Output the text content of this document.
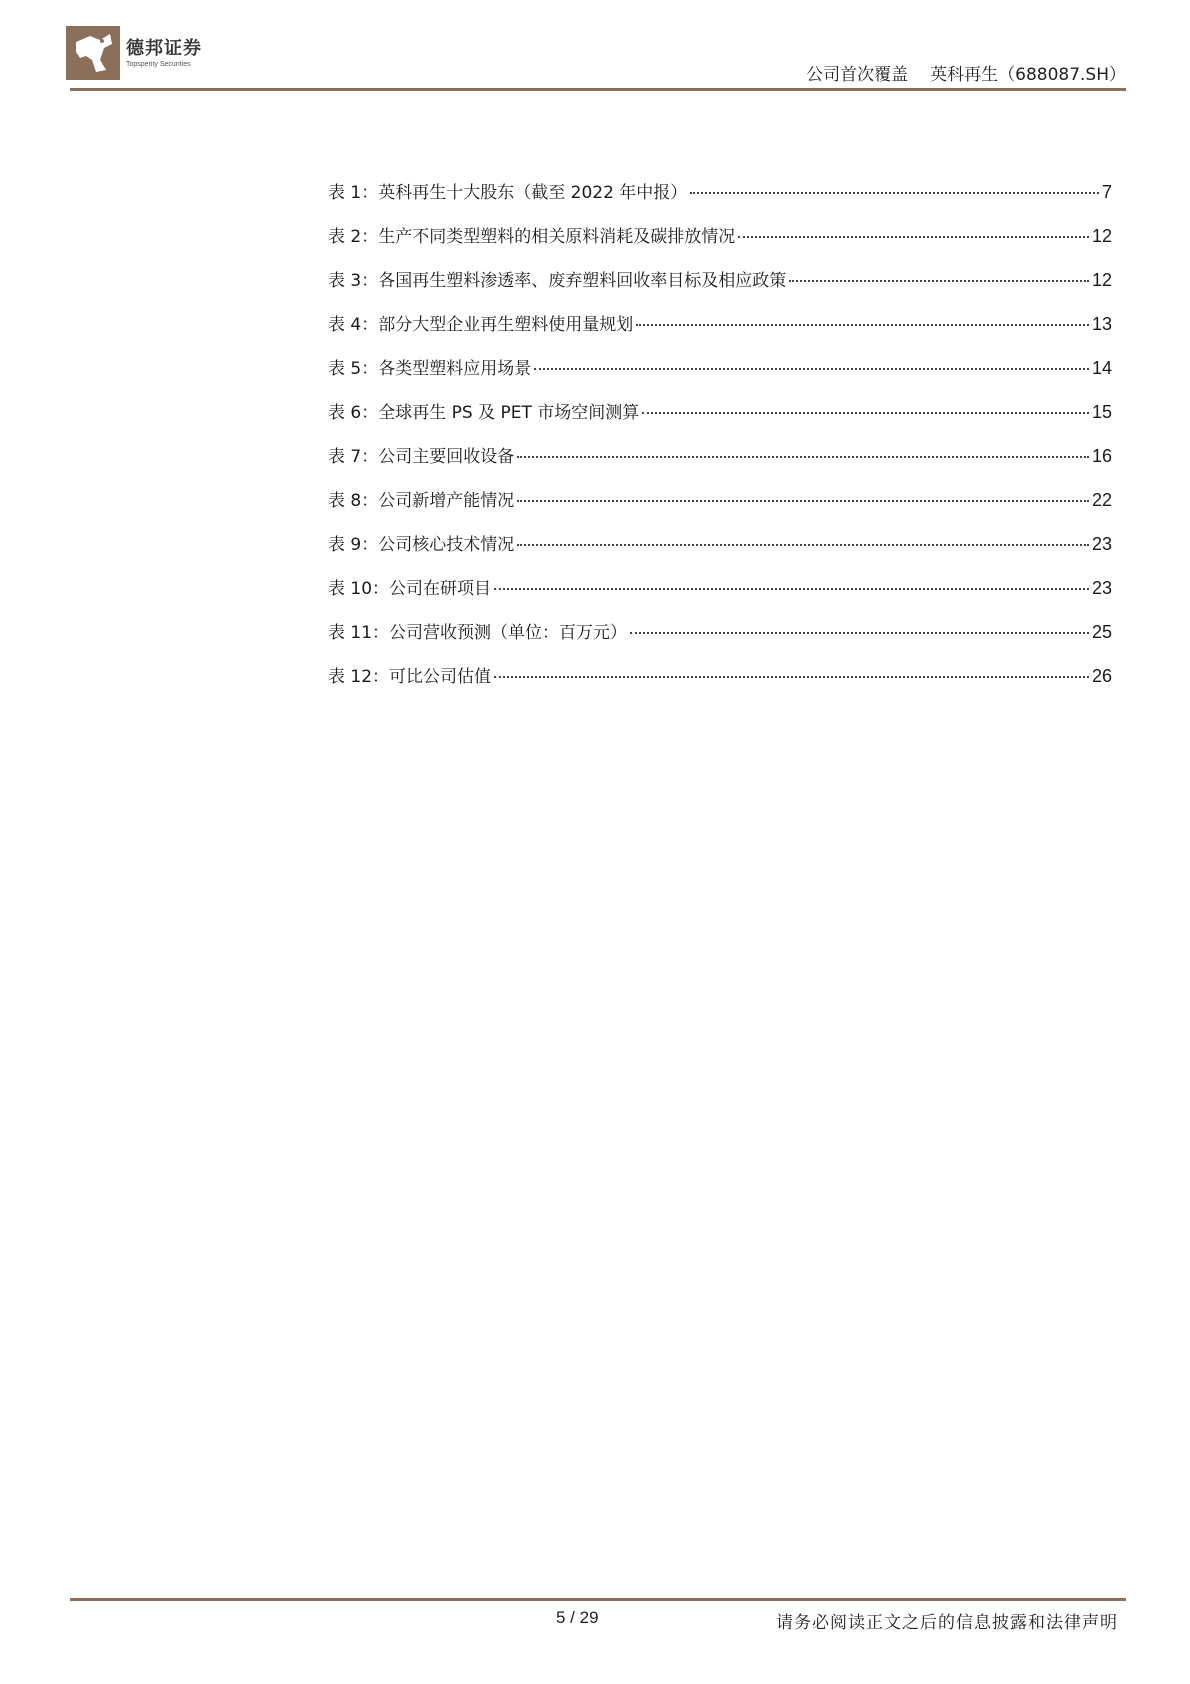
德邦证券
Topsperity Securities
公司首次覆盖 英科再生（688087.SH）
表 1：英科再生十大股东（截至 2022 年中报）	7
表 2：生产不同类型塑料的相关原料消耗及碳排放情况	12
表 3：各国再生塑料渗透率、废弃塑料回收率目标及相应政策	12
表 4：部分大型企业再生塑料使用量规划	13
表 5：各类型塑料应用场景	14
表 6：全球再生 PS 及 PET 市场空间测算	15
表 7：公司主要回收设备	16
表 8：公司新增产能情况	22
表 9：公司核心技术情况	23
表 10：公司在研项目	23
表 11：公司营收预测（单位：百万元）	25
表 12：可比公司估值	26
5 / 29	请务必阅读正文之后的信息披露和法律声明
